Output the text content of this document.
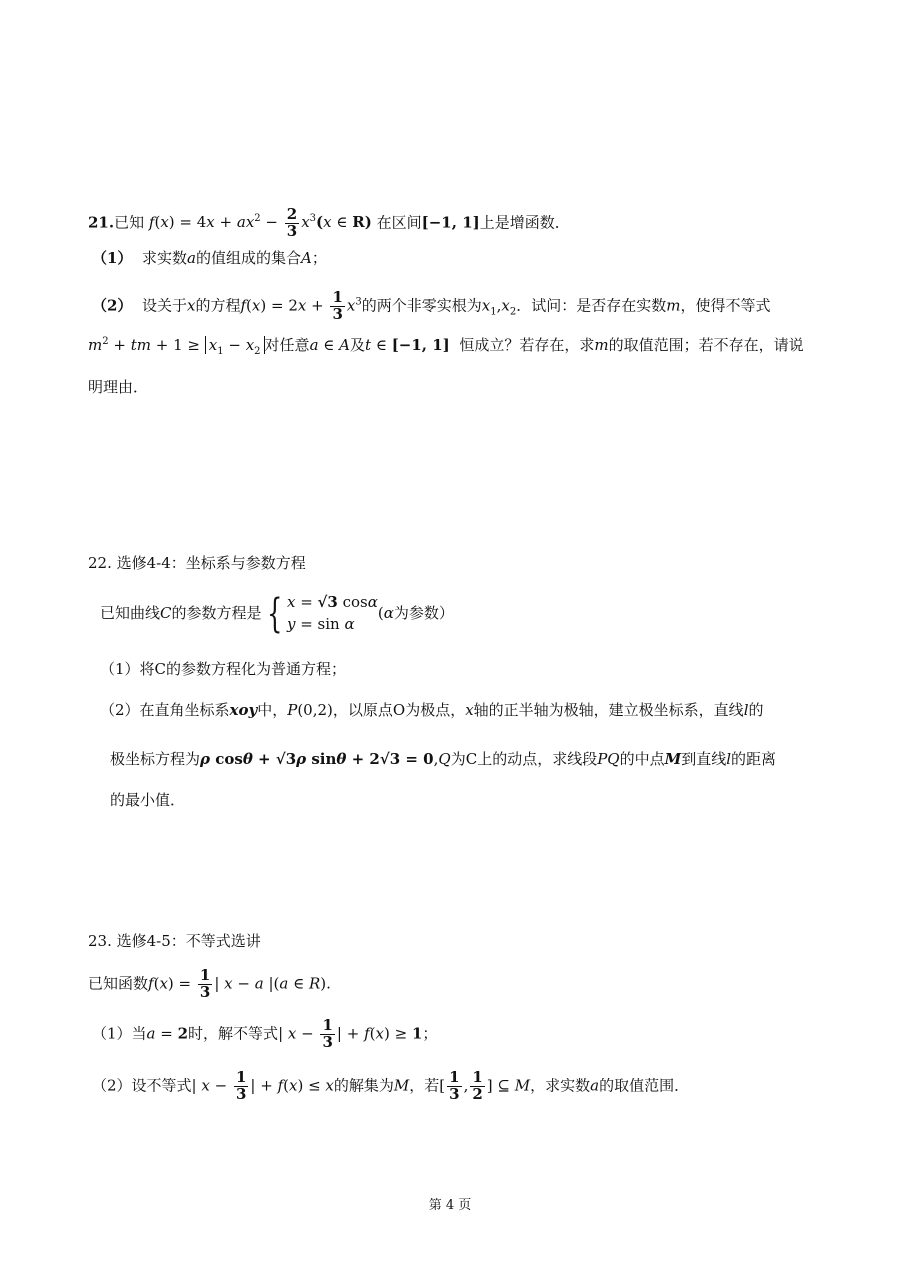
21.已知 $f(x) = 4x + ax^2 - \frac{2}{3} x^3(x$ ∈ R) 在区间[−1, 1]上是增函数．
（1） 求实数a的值组成的集合A；
（2） 设关于x的方程$f(x) = 2x + \frac{1}{3} x^3$的两个非零实根为$x_1,x_2$．试问：是否存在实数m，使得不等式
$m^2$ + tm + $1 \ge x_1 - x_2$ 对任意a ∈ A及t ∈ [−1, 1] 恒成立？若存在，求m的取值范围；若不存在，请说
明理由．
22. 选修4-4：坐标系与参数方程
已知曲线C的参数方程是 { x = √3 cosα
y = sin α(α为参数）
（1）将C的参数方程化为普通方程；
（2）在直角坐标系xoy中，P(0,2)，以原点O为极点，x轴的正半轴为极轴，建立极坐标系，直线l的
极坐标方程为ρ cosθ + √3ρ sinθ + 2√3 = 0,Q为C上的动点，求线段PQ的中点M到直线l的距离
的最小值．
23. 选修4-5：不等式选讲
已知函数$f(x) = \frac{1}{3}$ | x − a |(a ∈ R).
（1）当a = 2时，解不等式| $x - \frac{1}{3}$ | + f(x) ≥ 1；
（2）设不等式| $x - \frac{1}{3}$ | + f(x) ≤ x的解集为M，若[ $\frac{1}{3}$ , $\frac{1}{2}$ ] ⊆ M，求实数a的取值范围．
第 4 页
